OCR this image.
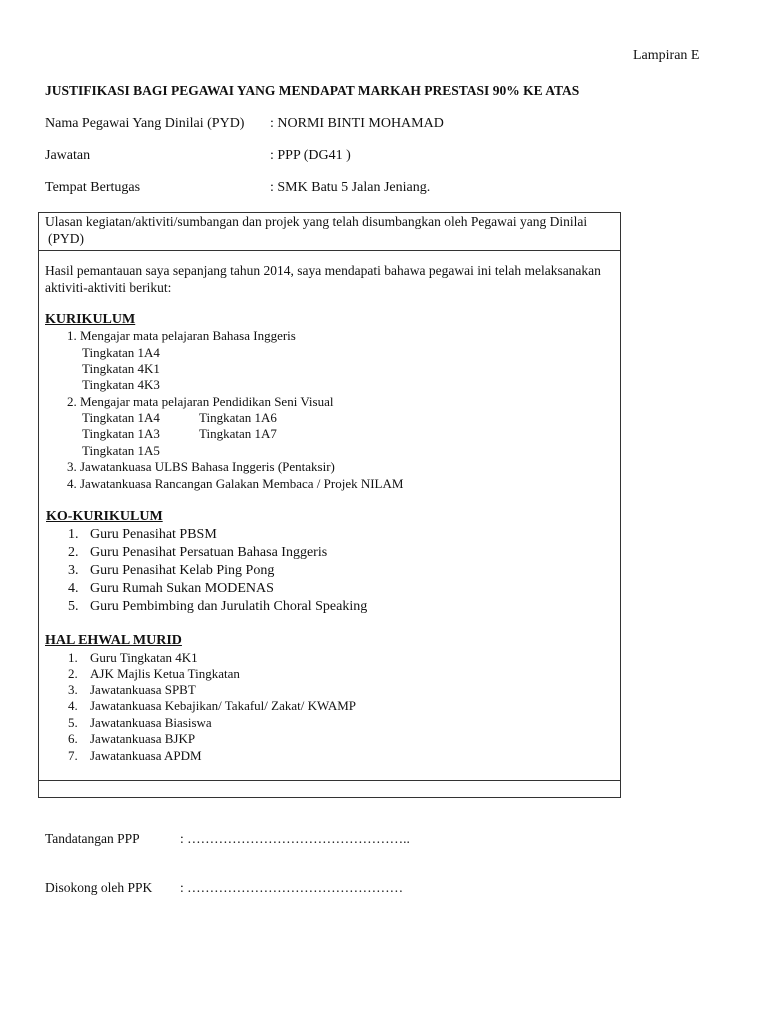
Lampiran E
JUSTIFIKASI BAGI PEGAWAI YANG MENDAPAT MARKAH PRESTASI 90% KE ATAS
Nama Pegawai Yang Dinilai (PYD) : NORMI BINTI MOHAMAD
Jawatan	: PPP (DG41 )
Tempat Bertugas	: SMK Batu 5 Jalan Jeniang.
Ulasan kegiatan/aktiviti/sumbangan dan projek yang telah disumbangkan oleh Pegawai yang Dinilai
(PYD)
Hasil pemantauan saya sepanjang tahun 2014, saya mendapati bahawa pegawai ini telah melaksanakan
aktiviti-aktiviti berikut:
KURIKULUM
1. Mengajar mata pelajaran Bahasa Inggeris
Tingkatan 1A4
Tingkatan 4K1
Tingkatan 4K3
2. Mengajar mata pelajaran Pendidikan Seni Visual
Tingkatan 1A4	Tingkatan 1A6
Tingkatan 1A3	Tingkatan 1A7
Tingkatan 1A5
3. Jawatankuasa ULBS Bahasa Inggeris (Pentaksir)
4. Jawatankuasa Rancangan Galakan Membaca / Projek NILAM
KO-KURIKULUM
1. Guru Penasihat PBSM
2. Guru Penasihat Persatuan Bahasa Inggeris
3. Guru Penasihat Kelab Ping Pong
4. Guru Rumah Sukan MODENAS
5. Guru Pembimbing dan Jurulatih Choral Speaking
HAL EHWAL MURID
1. Guru Tingkatan 4K1
2. AJK Majlis Ketua Tingkatan
3. Jawatankuasa SPBT
4. Jawatankuasa Kebajikan/ Takaful/ Zakat/ KWAMP
5. Jawatankuasa Biasiswa
6. Jawatankuasa BJKP
7. Jawatankuasa APDM
Tandatangan PPP	: …………………………………………..
Disokong oleh PPK : …………………………………………
